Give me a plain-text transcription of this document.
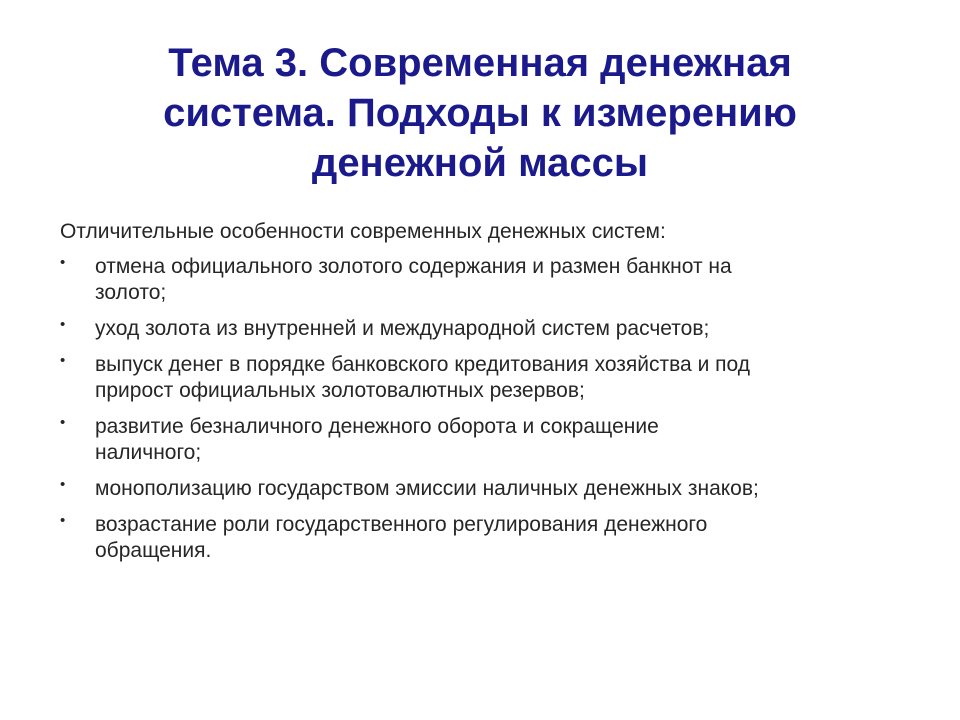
Тема 3. Современная денежная
система. Подходы к измерению
денежной массы

Отличительные особенности современных денежных систем:

• отмена официального золотого содержания и размен банкнот на
золото;
• уход золота из внутренней и международной систем расчетов;
• выпуск денег в порядке банковского кредитования хозяйства и под
прирост официальных золотовалютных резервов;
• развитие безналичного денежного оборота и сокращение
наличного;
• монополизацию государством эмиссии наличных денежных знаков;
• возрастание роли государственного регулирования денежного
обращения.
